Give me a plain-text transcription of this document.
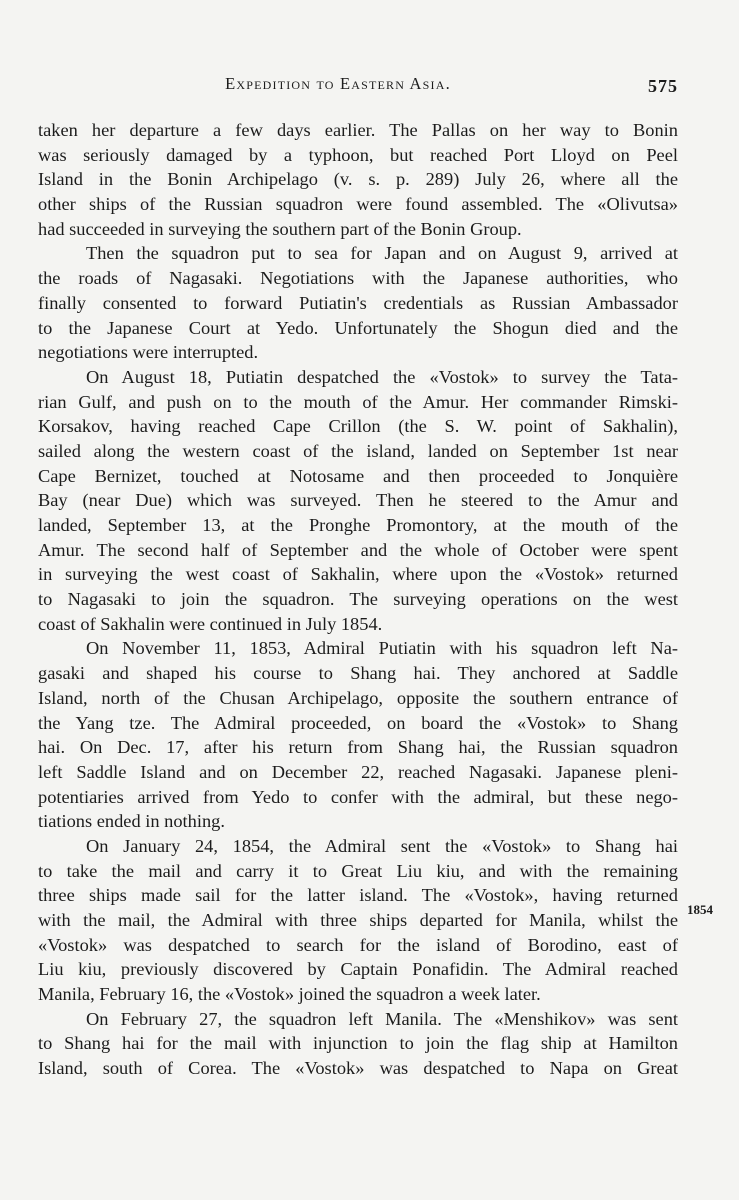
Expedition to Eastern Asia.	575
taken her departure a few days earlier. The Pallas on her way to Bonin
was seriously damaged by a typhoon, but reached Port Lloyd on Peel
Island in the Bonin Archipelago (v. s. p. 289) July 26, where all the
other ships of the Russian squadron were found assembled. The «Olivutsa»
had succeeded in surveying the southern part of the Bonin Group.
Then the squadron put to sea for Japan and on August 9, arrived at
the roads of Nagasaki. Negotiations with the Japanese authorities, who
finally consented to forward Putiatin's credentials as Russian Ambassador
to the Japanese Court at Yedo. Unfortunately the Shogun died and the
negotiations were interrupted.
On August 18, Putiatin despatched the «Vostok» to survey the Tata-
rian Gulf, and push on to the mouth of the Amur. Her commander Rimski-
Korsakov, having reached Cape Crillon (the S. W. point of Sakhalin),
sailed along the western coast of the island, landed on September 1st near
Cape Bernizet, touched at Notosame and then proceeded to Jonquière
Bay (near Due) which was surveyed. Then he steered to the Amur and
landed, September 13, at the Pronghe Promontory, at the mouth of the
Amur. The second half of September and the whole of October were spent
in surveying the west coast of Sakhalin, where upon the «Vostok» returned
to Nagasaki to join the squadron. The surveying operations on the west
coast of Sakhalin were continued in July 1854.
On November 11, 1853, Admiral Putiatin with his squadron left Na-
gasaki and shaped his course to Shang hai. They anchored at Saddle
Island, north of the Chusan Archipelago, opposite the southern entrance of
the Yang tze. The Admiral proceeded, on board the «Vostok» to Shang
hai. On Dec. 17, after his return from Shang hai, the Russian squadron
left Saddle Island and on December 22, reached Nagasaki. Japanese pleni-
potentiaries arrived from Yedo to confer with the admiral, but these nego-
tiations ended in nothing.
On January 24, 1854, the Admiral sent the «Vostok» to Shang hai
to take the mail and carry it to Great Liu kiu, and with the remaining
three ships made sail for the latter island. The «Vostok», having returned
with the mail, the Admiral with three ships departed for Manila, whilst the
«Vostok» was despatched to search for the island of Borodino, east of
Liu kiu, previously discovered by Captain Ponafidin. The Admiral reached
Manila, February 16, the «Vostok» joined the squadron a week later.
On February 27, the squadron left Manila. The «Menshikov» was sent
to Shang hai for the mail with injunction to join the flag ship at Hamilton
Island, south of Corea. The «Vostok» was despatched to Napa on Great
1854
